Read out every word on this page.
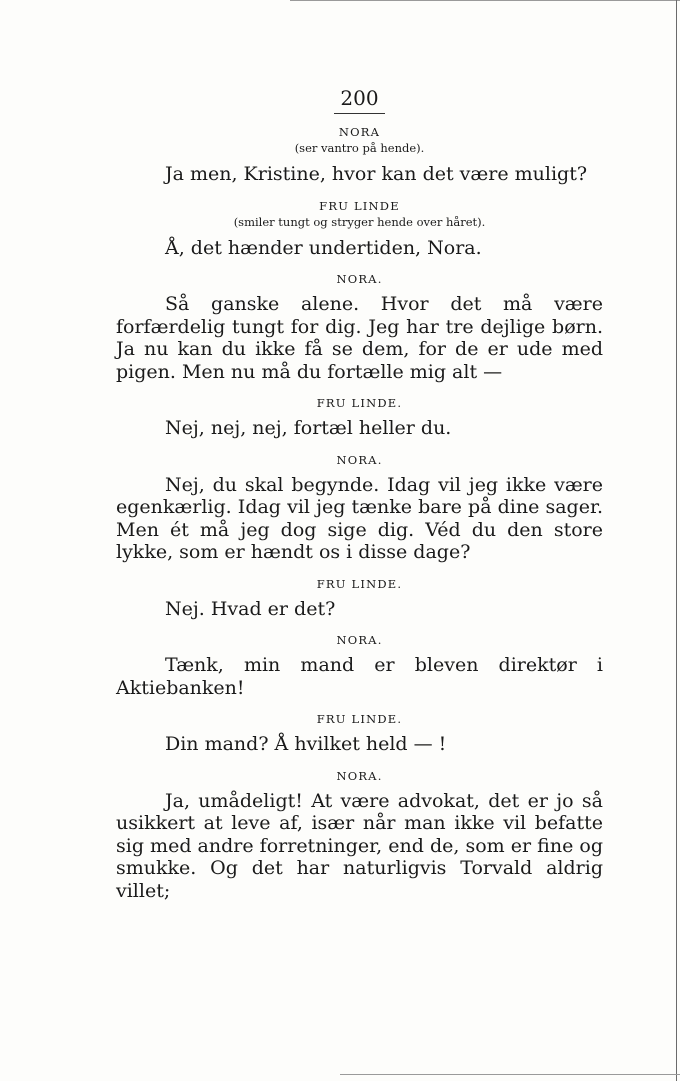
200

NORA

(ser vantro på hende).

Ja men, Kristine, hvor kan det være muligt?

FRU LINDE

(smiler tungt og stryger hende over håret).

Å, det hænder undertiden, Nora.

NORA.

Så ganske alene. Hvor det må være forfærdelig tungt for dig. Jeg har tre dejlige børn. Ja nu kan du ikke få se dem, for de er ude med pigen. Men nu må du fortælle mig alt —

FRU LINDE.

Nej, nej, nej, fortæl heller du.

NORA.

Nej, du skal begynde. Idag vil jeg ikke være egenkærlig. Idag vil jeg tænke bare på dine sager. Men ét må jeg dog sige dig. Véd du den store lykke, som er hændt os i disse dage?

FRU LINDE.

Nej. Hvad er det?

NORA.

Tænk, min mand er bleven direktør i Aktiebanken!

FRU LINDE.

Din mand? Å hvilket held — !

NORA.

Ja, umådeligt! At være advokat, det er jo så usikkert at leve af, især når man ikke vil befatte sig med andre forretninger, end de, som er fine og smukke. Og det har naturligvis Torvald aldrig villet;
